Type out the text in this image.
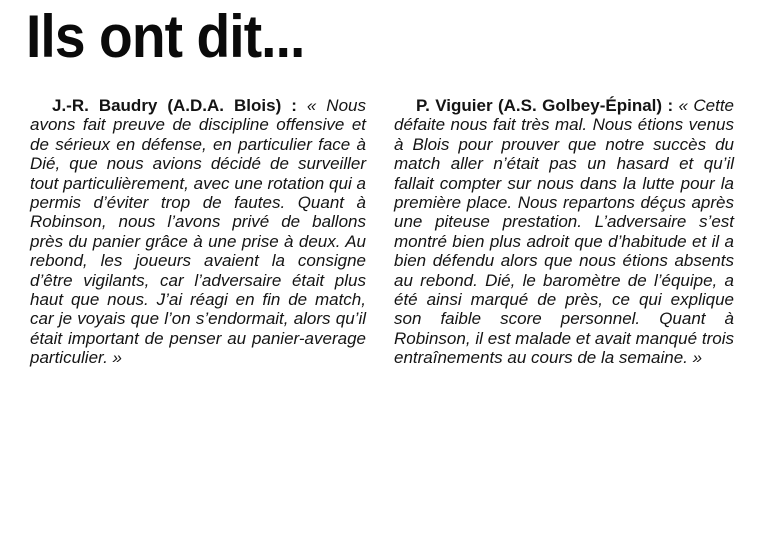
Ils ont dit...

J.-R. Baudry (A.D.A. Blois) : « Nous avons fait preuve de discipline offensive et de sérieux en défense, en particulier face à Dié, que nous avions décidé de surveiller tout particulièrement, avec une rotation qui a permis d’éviter trop de fautes. Quant à Robinson, nous l’avons privé de ballons près du panier grâce à une prise à deux. Au rebond, les joueurs avaient la consigne d’être vigilants, car l’adversaire était plus haut que nous. J’ai réagi en fin de match, car je voyais que l’on s’endormait, alors qu’il était important de penser au panier-average particulier. »

P. Viguier (A.S. Golbey-Épinal) : « Cette défaite nous fait très mal. Nous étions venus à Blois pour prouver que notre succès du match aller n’était pas un hasard et qu’il fallait compter sur nous dans la lutte pour la première place. Nous repartons déçus après une piteuse prestation. L’adversaire s’est montré bien plus adroit que d’habitude et il a bien défendu alors que nous étions absents au rebond. Dié, le baromètre de l’équipe, a été ainsi marqué de près, ce qui explique son faible score personnel. Quant à Robinson, il est malade et avait manqué trois entraînements au cours de la semaine. »
